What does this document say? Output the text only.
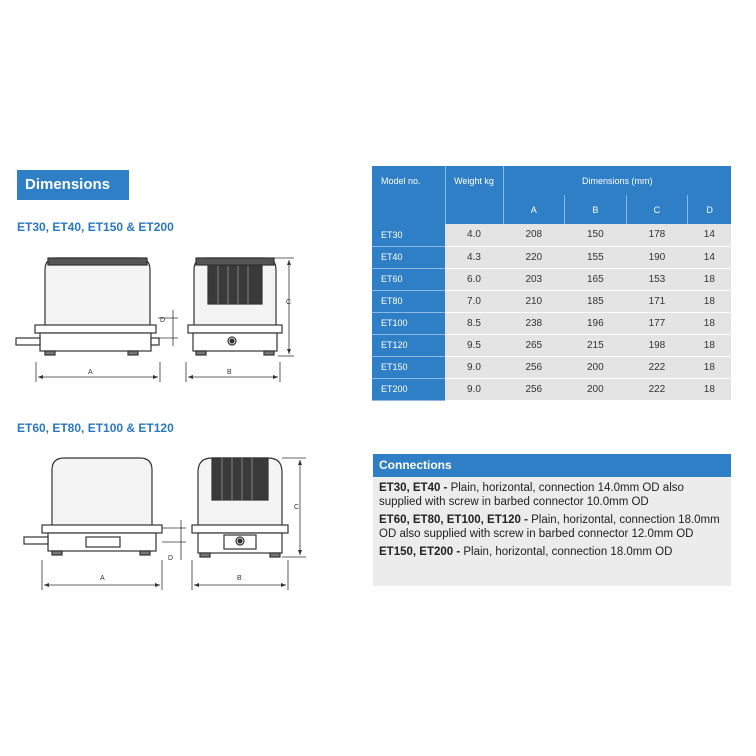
Dimensions
ET30, ET40, ET150 & ET200
ET60, ET80, ET100 & ET120
A	B
C
D
A	B
C
D
Model no.	Weight kg	Dimensions (mm)			
		A	B	C	D
ET30	4.0	208	150	178	14
ET40	4.3	220	155	190	14
ET60	6.0	203	165	153	18
ET80	7.0	210	185	171	18
ET100	8.5	238	196	177	18
ET120	9.5	265	215	198	18
ET150	9.0	256	200	222	18
ET200	9.0	256	200	222	18
Connections
ET30, ET40 - Plain, horizontal, connection 14.0mm OD also supplied with screw in barbed connector 10.0mm OD
ET60, ET80, ET100, ET120 - Plain, horizontal, connection 18.0mm OD also supplied with screw in barbed connector 12.0mm OD
ET150, ET200 - Plain, horizontal, connection 18.0mm OD
